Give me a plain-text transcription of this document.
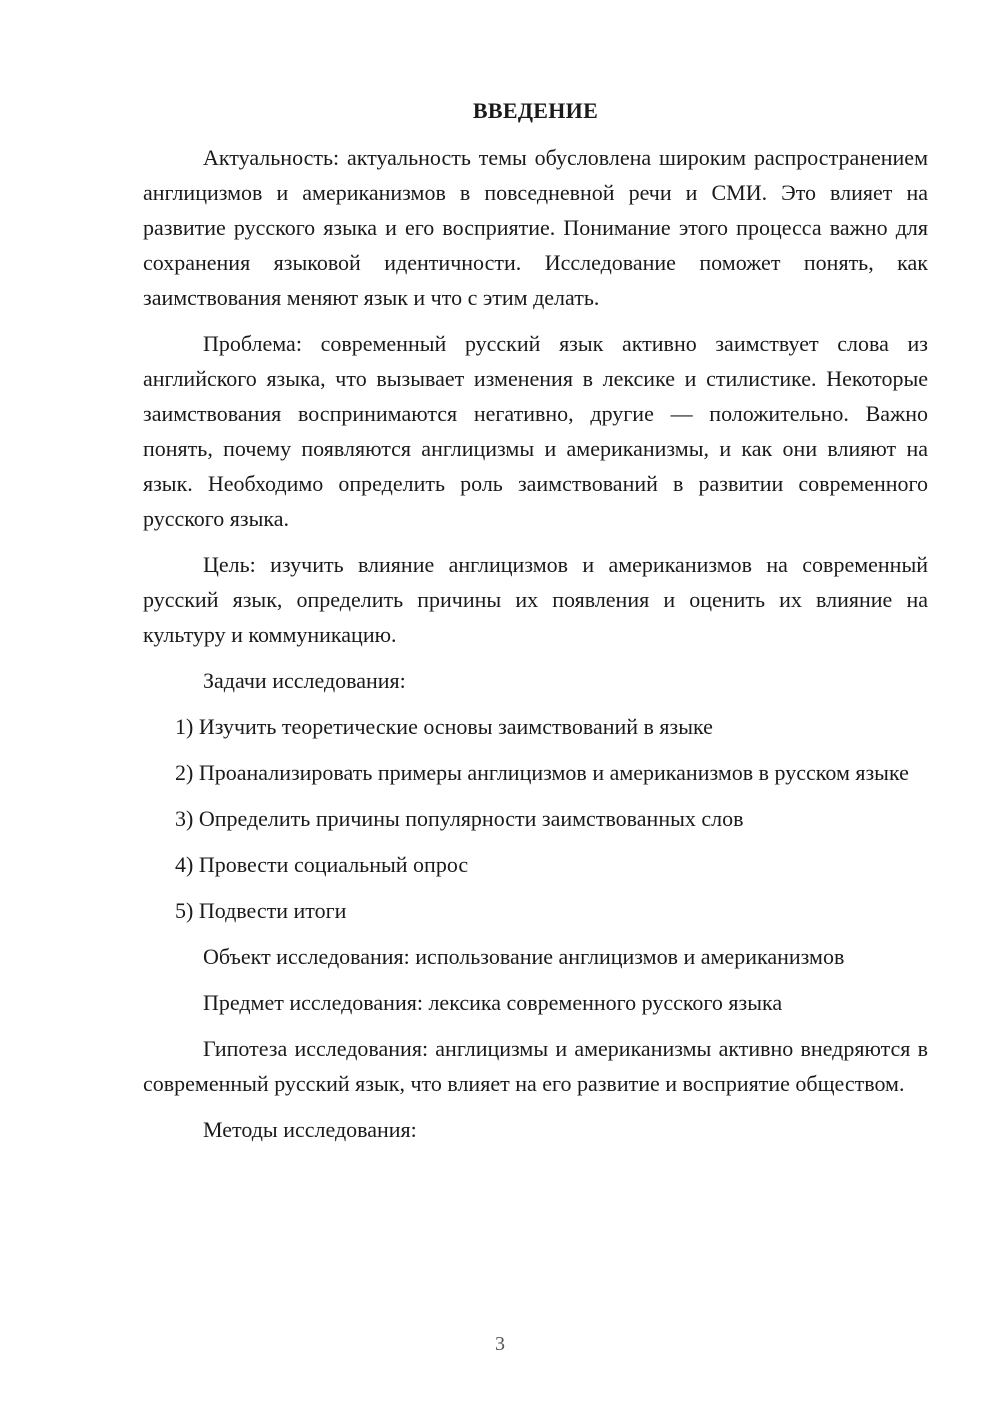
ВВЕДЕНИЕ

Актуальность: актуальность темы обусловлена широким распространением англицизмов и американизмов в повседневной речи и СМИ. Это влияет на развитие русского языка и его восприятие. Понимание этого процесса важно для сохранения языковой идентичности. Исследование поможет понять, как заимствования меняют язык и что с этим делать.

Проблема: современный русский язык активно заимствует слова из английского языка, что вызывает изменения в лексике и стилистике. Некоторые заимствования воспринимаются негативно, другие — положительно. Важно понять, почему появляются англицизмы и американизмы, и как они влияют на язык. Необходимо определить роль заимствований в развитии современного русского языка.

Цель: изучить влияние англицизмов и американизмов на современный русский язык, определить причины их появления и оценить их влияние на культуру и коммуникацию.

Задачи исследования:

1) Изучить теоретические основы заимствований в языке

2) Проанализировать примеры англицизмов и американизмов в русском языке

3) Определить причины популярности заимствованных слов

4) Провести социальный опрос

5) Подвести итоги

Объект исследования: использование англицизмов и американизмов

Предмет исследования: лексика современного русского языка

Гипотеза исследования: англицизмы и американизмы активно внедряются в современный русский язык, что влияет на его развитие и восприятие обществом.

Методы исследования:

3
